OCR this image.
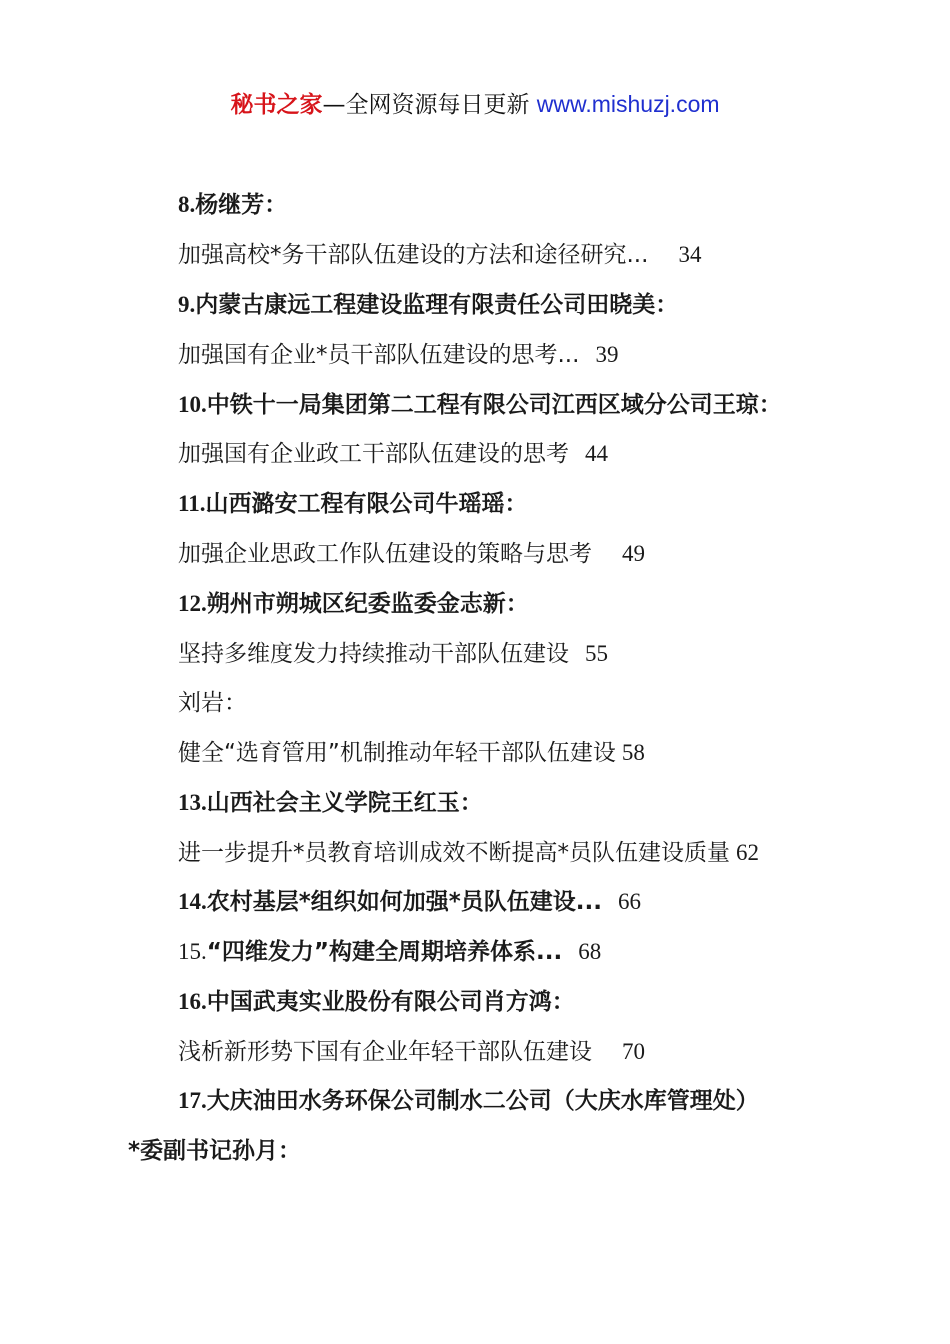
秘书之家—全网资源每日更新 www.mishuzj.com
8.杨继芳：
加强高校*务干部队伍建设的方法和途径研究... 34
9.内蒙古康远工程建设监理有限责任公司田晓美：
加强国有企业*员干部队伍建设的思考... 39
10.中铁十一局集团第二工程有限公司江西区域分公司王琼：
加强国有企业政工干部队伍建设的思考 44
11.山西潞安工程有限公司牛瑶瑶：
加强企业思政工作队伍建设的策略与思考 49
12.朔州市朔城区纪委监委金志新：
坚持多维度发力持续推动干部队伍建设 55
刘岩：
健全“选育管用”机制推动年轻干部队伍建设 58
13.山西社会主义学院王红玉：
进一步提升*员教育培训成效不断提高*员队伍建设质量 62
14.农村基层*组织如何加强*员队伍建设... 66
15.“四维发力”构建全周期培养体系... 68
16.中国武夷实业股份有限公司肖方鸿：
浅析新形势下国有企业年轻干部队伍建设 70
17.大庆油田水务环保公司制水二公司（大庆水库管理处）
*委副书记孙月：
